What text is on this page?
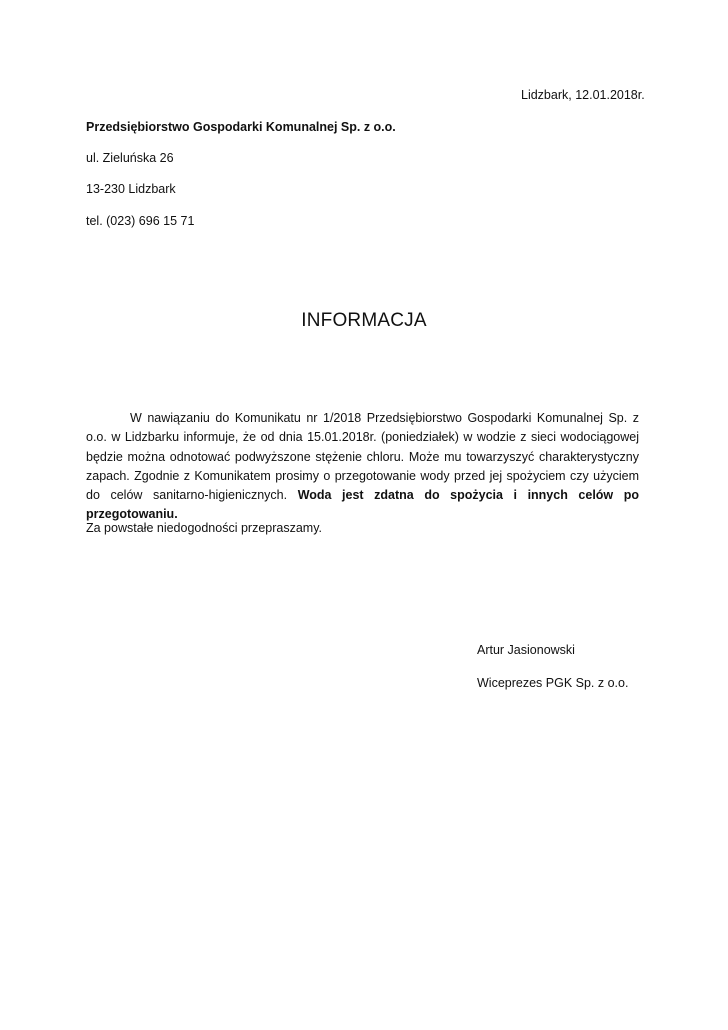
Lidzbark, 12.01.2018r.
Przedsiębiorstwo Gospodarki Komunalnej Sp. z o.o.
ul. Zieluńska 26
13-230 Lidzbark
tel. (023) 696 15 71
INFORMACJA

W nawiązaniu do Komunikatu nr 1/2018 Przedsiębiorstwo Gospodarki Komunalnej Sp. z o.o. w Lidzbarku informuje, że od dnia 15.01.2018r. (poniedziałek) w wodzie z sieci wodociągowej będzie można odnotować podwyższone stężenie chloru. Może mu towarzyszyć charakterystyczny zapach. Zgodnie z Komunikatem prosimy o przegotowanie wody przed jej spożyciem czy użyciem do celów sanitarno-higienicznych. Woda jest zdatna do spożycia i innych celów po przegotowaniu.

Za powstałe niedogodności przepraszamy.
Artur Jasionowski
Wiceprezes PGK Sp. z o.o.
